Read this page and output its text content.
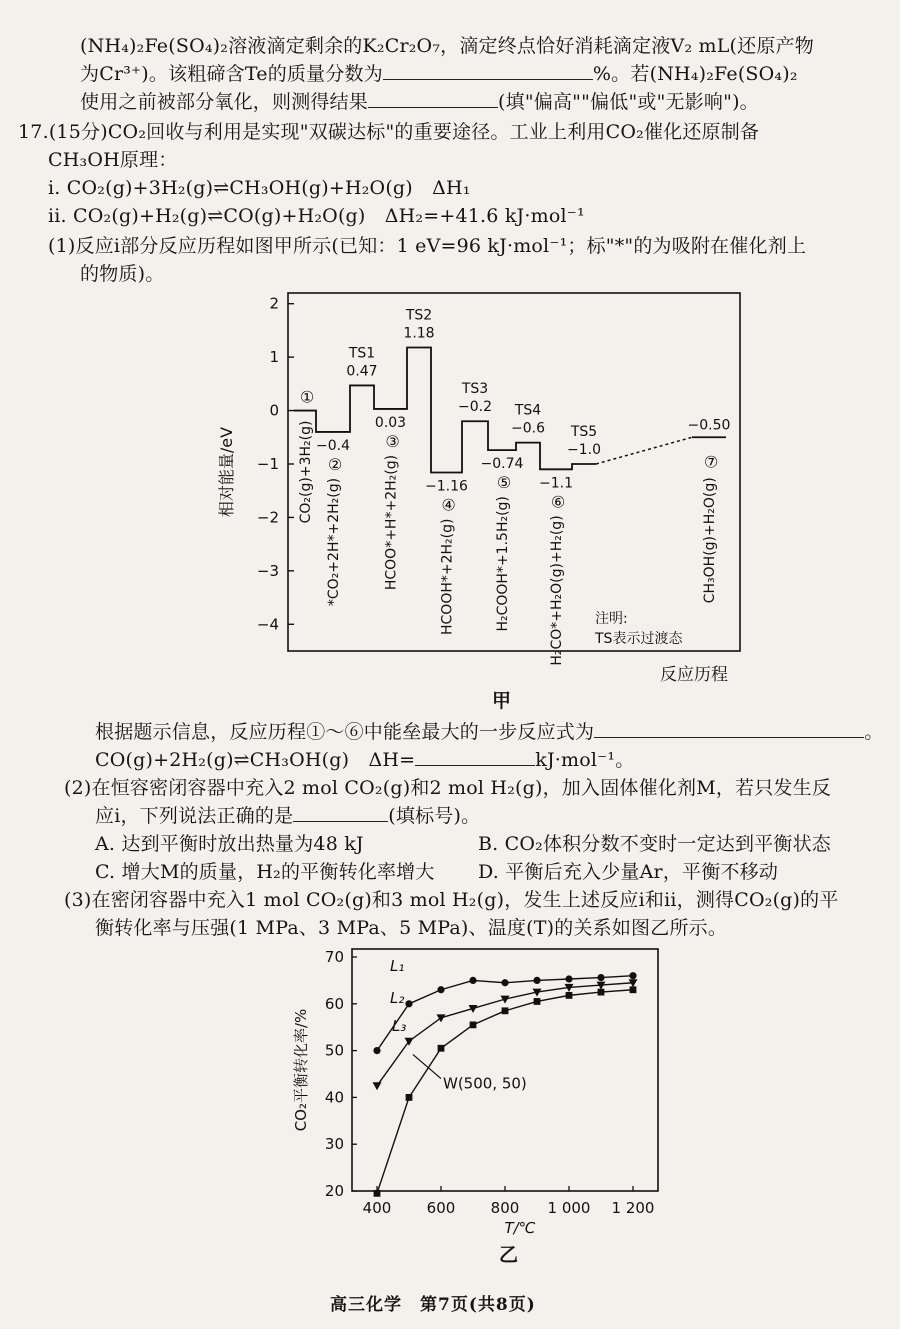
(NH₄)₂Fe(SO₄)₂溶液滴定剩余的K₂Cr₂O₇，滴定终点恰好消耗滴定液V₂ mL(还原产物
为Cr³⁺)。该粗碲含Te的质量分数为	%。若(NH₄)₂Fe(SO₄)₂
使用之前被部分氧化，则测得结果	(填"偏高""偏低"或"无影响")。
17.(15分)CO₂回收与利用是实现"双碳达标"的重要途径。工业上利用CO₂催化还原制备
CH₃OH原理：
i. CO₂(g)+3H₂(g)⇌CH₃OH(g)+H₂O(g)　ΔH₁
ii. CO₂(g)+H₂(g)⇌CO(g)+H₂O(g)　ΔH₂=+41.6 kJ·mol⁻¹
(1)反应i部分反应历程如图甲所示(已知：1 eV=96 kJ·mol⁻¹；标"*"的为吸附在催化剂上
的物质)。
2
1
0
−1
−2
−3
−4
相对能量/eV
反应历程
注明:
TS表示过渡态
①
CO₂(g)+3H₂(g) −0.4
②
*CO₂+2H*+2H₂(g)
TS1
0.47
0.03
③
HCOO*+H*+2H₂(g)
TS2
1.18
−1.16
④
HCOOH*+2H₂(g)
TS3
−0.2
−0.74
⑤
H₂COOH*+1.5H₂(g)
TS4
−0.6
−1.1
⑥
H₂CO*+H₂O(g)+H₂(g)
TS5
−1.0
−0.50
⑦
CH₃OH(g)+H₂O(g)
甲
根据题示信息，反应历程①～⑥中能垒最大的一步反应式为	。
CO(g)+2H₂(g)⇌CH₃OH(g)　ΔH=	kJ·mol⁻¹。
(2)在恒容密闭容器中充入2 mol CO₂(g)和2 mol H₂(g)，加入固体催化剂M，若只发生反
应i，下列说法正确的是	(填标号)。
A. 达到平衡时放出热量为48 kJ	B. CO₂体积分数不变时一定达到平衡状态
C. 增大M的质量，H₂的平衡转化率增大 D. 平衡后充入少量Ar，平衡不移动
(3)在密闭容器中充入1 mol CO₂(g)和3 mol H₂(g)，发生上述反应i和ii，测得CO₂(g)的平
衡转化率与压强(1 MPa、3 MPa、5 MPa)、温度(T)的关系如图乙所示。
400 600 800 1 000 1 200
20
30
40
50
60
70
T/℃
CO₂平衡转化率/%
L₁
L₂
L₃
W(500, 50)
乙
高三化学　第7页(共8页)
